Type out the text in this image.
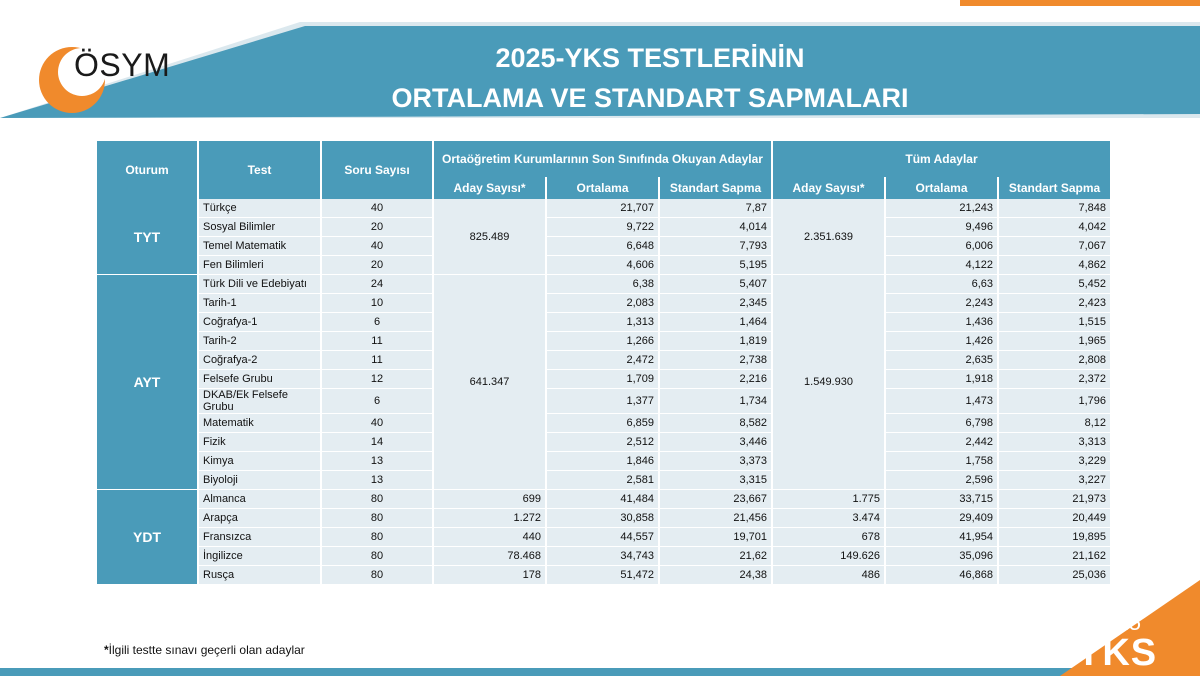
ÖSYM	2025-YKS TESTLERİNİN
ORTALAMA VE STANDART SAPMALARI
Oturum	Test	Soru Sayısı	Ortaöğretim Kurumlarının Son Sınıfında Okuyan Adaylar			Tüm Adaylar		
			Aday Sayısı*	Ortalama	Standart Sapma	Aday Sayısı*	Ortalama	Standart Sapma
TYT	Türkçe	40	825.489	21,707	7,87	2.351.639	21,243	7,848
	Sosyal Bilimler	20		9,722	4,014		9,496	4,042
	Temel Matematik	40		6,648	7,793		6,006	7,067
	Fen Bilimleri	20		4,606	5,195		4,122	4,862
AYT	Türk Dili ve Edebiyatı	24	641.347	6,38	5,407	1.549.930	6,63	5,452
	Tarih-1	10		2,083	2,345		2,243	2,423
	Coğrafya-1	6		1,313	1,464		1,436	1,515
	Tarih-2	11		1,266	1,819		1,426	1,965
	Coğrafya-2	11		2,472	2,738		2,635	2,808
	Felsefe Grubu	12		1,709	2,216		1,918	2,372
	DKAB/Ek Felsefe Grubu	6		1,377	1,734		1,473	1,796
	Matematik	40		6,859	8,582		6,798	8,12
	Fizik	14		2,512	3,446		2,442	3,313
	Kimya	13		1,846	3,373		1,758	3,229
	Biyoloji	13		2,581	3,315		2,596	3,227
YDT	Almanca	80	699	41,484	23,667	1.775	33,715	21,973
	Arapça	80	1.272	30,858	21,456	3.474	29,409	20,449
	Fransızca	80	440	44,557	19,701	678	41,954	19,895
	İngilizce	80	78.468	34,743	21,62	149.626	35,096	21,162
	Rusça	80	178	51,472	24,38	486	46,868	25,036
*İlgili testte sınavı geçerli olan adaylar
2025
YKS
